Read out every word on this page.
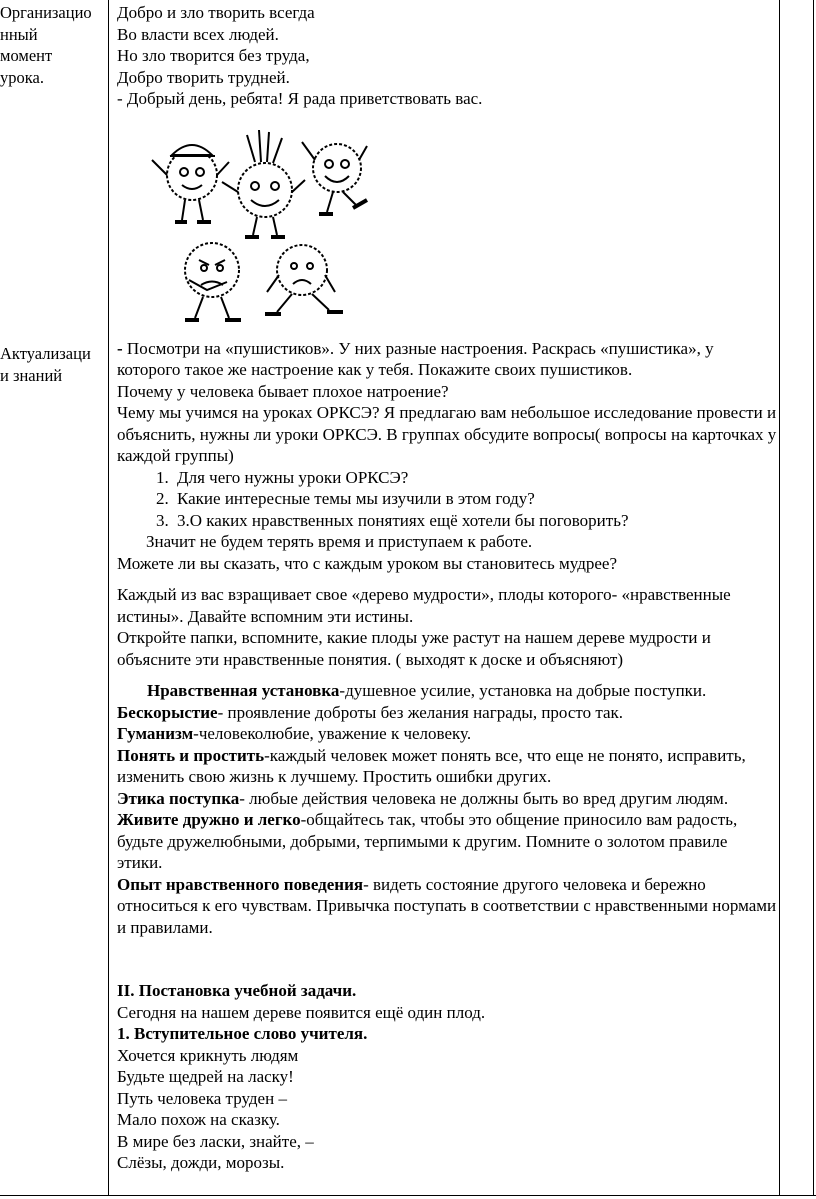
Организацио
нный
момент
урока.
Актуализаци
и знаний

Добро и зло творить всегда

Во власти всех людей.

Но зло творится без труда,

Добро творить трудней.

- Добрый день, ребята! Я рада приветствовать вас.

- Посмотри на «пушистиков». У них разные настроения. Раскрась «пушистика», у которого такое же настроение как у тебя. Покажите своих пушистиков.

Почему у человека бывает плохое натроение?

Чему мы учимся на уроках ОРКСЭ? Я предлагаю вам небольшое исследование провести и объяснить, нужны ли уроки ОРКСЭ. В группах обсудите вопросы( вопросы на карточках у каждой группы)

1. Для чего нужны уроки ОРКСЭ?
2. Какие интересные темы мы изучили в этом году?
3. 3.О каких нравственных понятиях ещё хотели бы поговорить?

Значит не будем терять время и приступаем к работе.

Можете ли вы сказать, что с каждым уроком вы становитесь мудрее?

Каждый из вас взращивает свое «дерево мудрости», плоды которого- «нравственные истины». Давайте вспомним эти истины.

Откройте папки, вспомните, какие плоды уже растут на нашем дереве мудрости и объясните эти нравственные понятия. ( выходят к доске и объясняют)

Нравственная установка-душевное усилие, установка на добрые поступки.

Бескорыстие- проявление доброты без желания награды, просто так.

Гуманизм-человеколюбие, уважение к человеку.

Понять и простить-каждый человек может понять все, что еще не понято, исправить, изменить свою жизнь к лучшему. Простить ошибки других.

Этика поступка- любые действия человека не должны быть во вред другим людям.

Живите дружно и легко-общайтесь так, чтобы это общение приносило вам радость, будьте дружелюбными, добрыми, терпимыми к другим. Помните о золотом правиле этики.

Опыт нравственного поведения- видеть состояние другого человека и бережно относиться к его чувствам. Привычка поступать в соответствии с нравственными нормами и правилами.

II. Постановка учебной задачи.

Сегодня на нашем дереве появится ещё один плод.

1. Вступительное слово учителя.

Хочется крикнуть людям

Будьте щедрей на ласку!

Путь человека труден –

Мало похож на сказку.

В мире без ласки, знайте, –

Слёзы, дожди, морозы.
